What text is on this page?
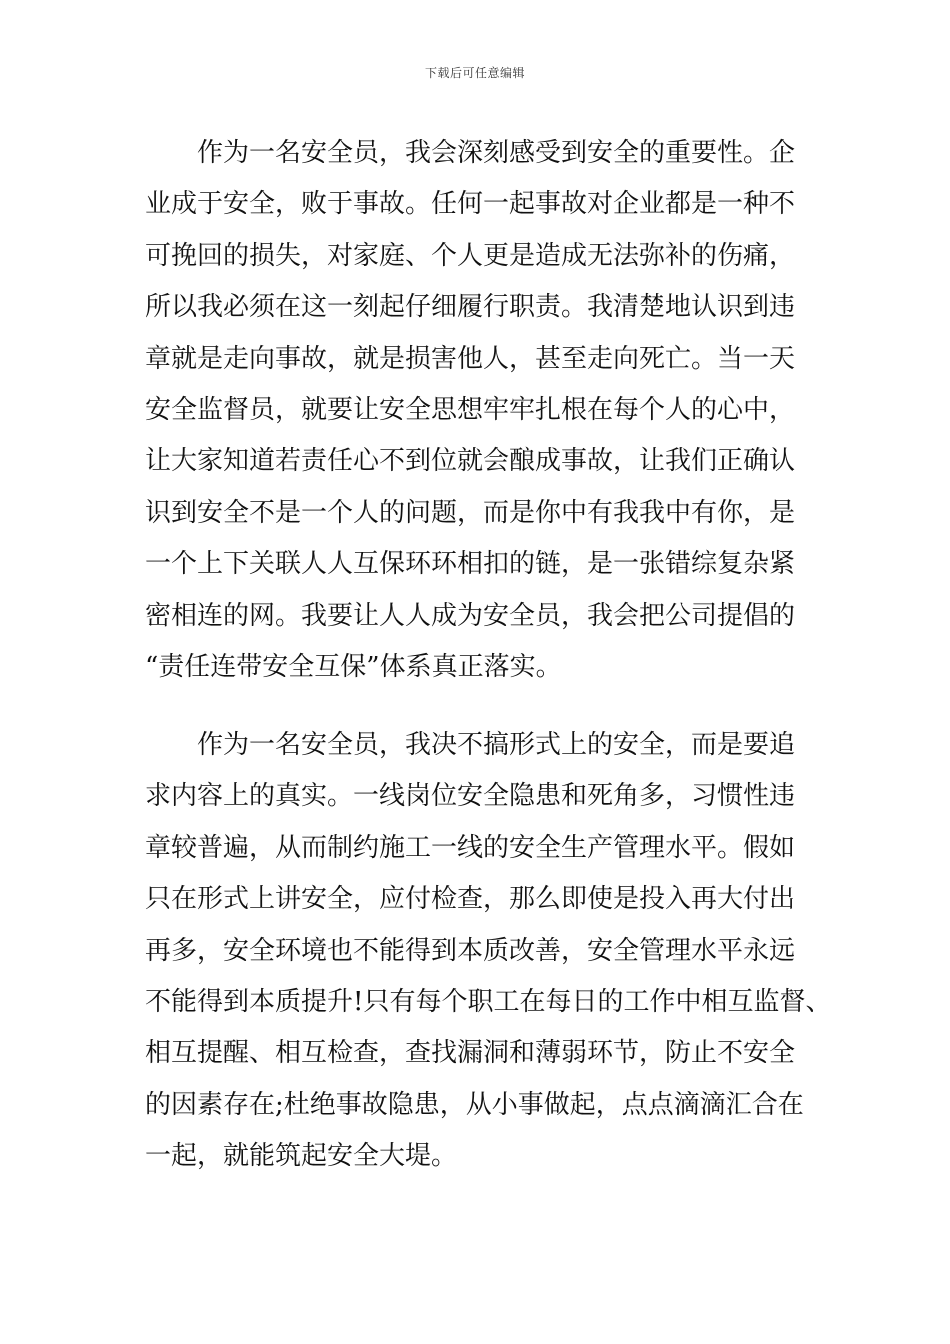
下载后可任意编辑
作为一名安全员，我会深刻感受到安全的重要性。企
业成于安全，败于事故。任何一起事故对企业都是一种不
可挽回的损失，对家庭、个人更是造成无法弥补的伤痛，
所以我必须在这一刻起仔细履行职责。我清楚地认识到违
章就是走向事故，就是损害他人，甚至走向死亡。当一天
安全监督员，就要让安全思想牢牢扎根在每个人的心中，
让大家知道若责任心不到位就会酿成事故，让我们正确认
识到安全不是一个人的问题，而是你中有我我中有你，是
一个上下关联人人互保环环相扣的链，是一张错综复杂紧
密相连的网。我要让人人成为安全员，我会把公司提倡的
“责任连带安全互保”体系真正落实。
作为一名安全员，我决不搞形式上的安全，而是要追
求内容上的真实。一线岗位安全隐患和死角多，习惯性违
章较普遍，从而制约施工一线的安全生产管理水平。假如
只在形式上讲安全，应付检查，那么即使是投入再大付出
再多，安全环境也不能得到本质改善，安全管理水平永远
不能得到本质提升!只有每个职工在每日的工作中相互监督、
相互提醒、相互检查，查找漏洞和薄弱环节，防止不安全
的因素存在;杜绝事故隐患，从小事做起，点点滴滴汇合在
一起，就能筑起安全大堤。
